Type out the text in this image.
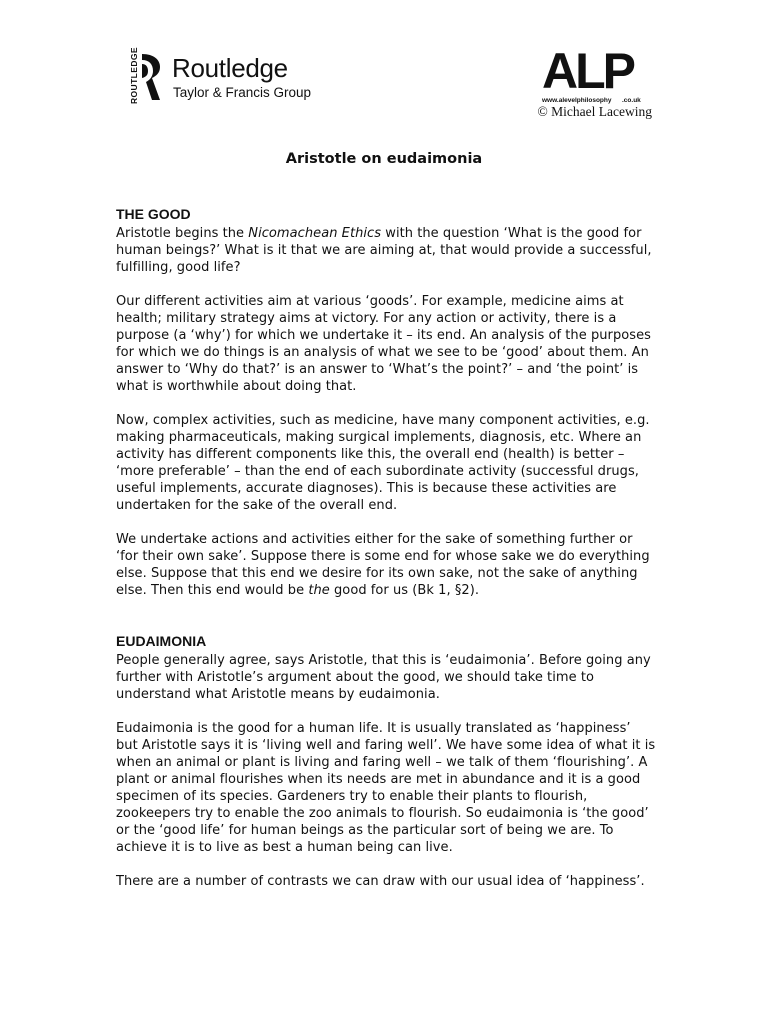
ROUTLEDGE Routledge
Taylor & Francis Group	ALP
www.alevelphilosophy .co.uk
© Michael Lacewing
Aristotle on eudaimonia
THE GOOD

Aristotle begins the Nicomachean Ethics with the question ‘What is the good for human beings?’ What is it that we are aiming at, that would provide a successful, fulfilling, good life?

Our different activities aim at various ‘goods’. For example, medicine aims at health; military strategy aims at victory. For any action or activity, there is a purpose (a ‘why’) for which we undertake it – its end. An analysis of the purposes for which we do things is an analysis of what we see to be ‘good’ about them. An answer to ‘Why do that?’ is an answer to ‘What’s the point?’ – and ‘the point’ is what is worthwhile about doing that.

Now, complex activities, such as medicine, have many component activities, e.g. making pharmaceuticals, making surgical implements, diagnosis, etc. Where an activity has different components like this, the overall end (health) is better – ‘more preferable’ – than the end of each subordinate activity (successful drugs, useful implements, accurate diagnoses). This is because these activities are undertaken for the sake of the overall end.

We undertake actions and activities either for the sake of something further or ‘for their own sake’. Suppose there is some end for whose sake we do everything else. Suppose that this end we desire for its own sake, not the sake of anything else. Then this end would be the good for us (Bk 1, §2).

EUDAIMONIA

People generally agree, says Aristotle, that this is ‘eudaimonia’. Before going any further with Aristotle’s argument about the good, we should take time to understand what Aristotle means by eudaimonia.

Eudaimonia is the good for a human life. It is usually translated as ‘happiness’ but Aristotle says it is ‘living well and faring well’. We have some idea of what it is when an animal or plant is living and faring well – we talk of them ‘flourishing’. A plant or animal flourishes when its needs are met in abundance and it is a good specimen of its species. Gardeners try to enable their plants to flourish, zookeepers try to enable the zoo animals to flourish. So eudaimonia is ‘the good’ or the ‘good life’ for human beings as the particular sort of being we are. To achieve it is to live as best a human being can live.

There are a number of contrasts we can draw with our usual idea of ‘happiness’.
